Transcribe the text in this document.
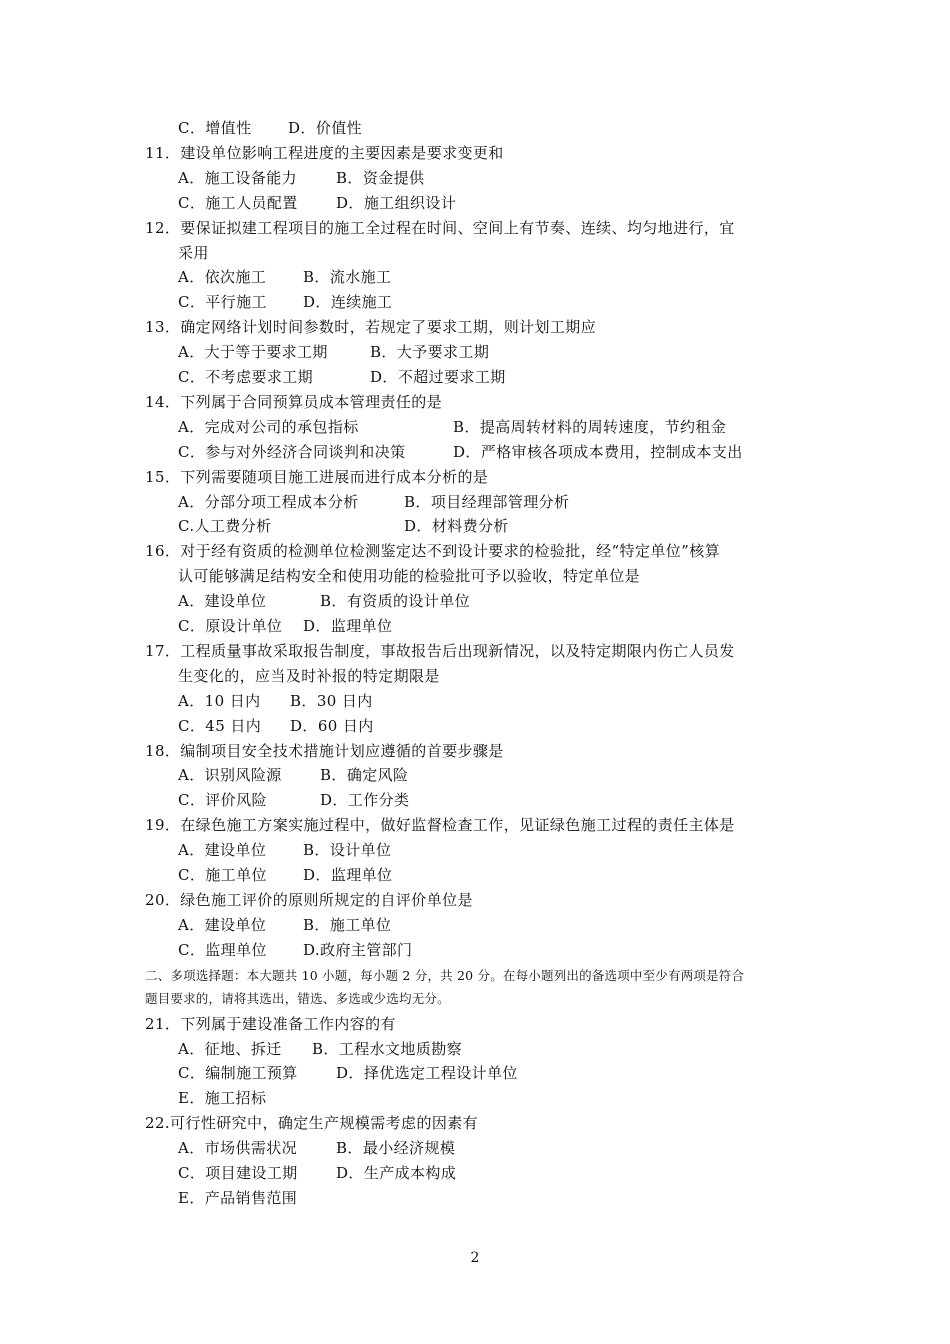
C．增值性 D．价值性
11．建设单位影响工程进度的主要因素是要求变更和
A．施工设备能力	B．资金提供
C．施工人员配置	D．施工组织设计
12．要保证拟建工程项目的施工全过程在时间、空间上有节奏、连续、均匀地进行，宜
采用
A．依次施工 B．流水施工
C．平行施工 D．连续施工
13．确定网络计划时间参数时，若规定了要求工期，则计划工期应
A．大于等于要求工期	B．大予要求工期
C．不考虑要求工期	D．不超过要求工期
14．下列属于合同预算员成本管理责任的是
A．完成对公司的承包指标	B．提高周转材料的周转速度，节约租金
C．参与对外经济合同谈判和决策	D．严格审核各项成本费用，控制成本支出
15．下列需要随项目施工进展而进行成本分析的是
A．分部分项工程成本分析	B．项目经理部管理分析
C.人工费分析	D．材料费分析
16．对于经有资质的检测单位检测鉴定达不到设计要求的检验批，经“特定单位”核算
认可能够满足结构安全和使用功能的检验批可予以验收，特定单位是
A．建设单位	B．有资质的设计单位
C．原设计单位 D．监理单位
17．工程质量事故采取报告制度，事故报告后出现新情况，以及特定期限内伤亡人员发
生变化的，应当及时补报的特定期限是
A．10 日内 B．30 日内
C．45 日内 D．60 日内
18．编制项目安全技术措施计划应遵循的首要步骤是
A．识别风险源	B．确定风险
C．评价风险	D．工作分类
19．在绿色施工方案实施过程中，做好监督检查工作，见证绿色施工过程的责任主体是
A．建设单位 B．设计单位
C．施工单位 D．监理单位
20．绿色施工评价的原则所规定的自评价单位是
A．建设单位 B．施工单位
C．监理单位 D.政府主管部门
二、多项选择题：本大题共 10 小题，每小题 2 分，共 20 分。在每小题列出的备选项中至少有两项是符合
题目要求的，请将其选出，错选、多选或少选均无分。
21．下列属于建设准备工作内容的有
A．征地、拆迁 B．工程水文地质勘察
C．编制施工预算	D．择优选定工程设计单位
E．施工招标
22.可行性研究中，确定生产规模需考虑的因素有
A．市场供需状况	B．最小经济规模
C．项目建设工期	D．生产成本构成
E．产品销售范围
2
